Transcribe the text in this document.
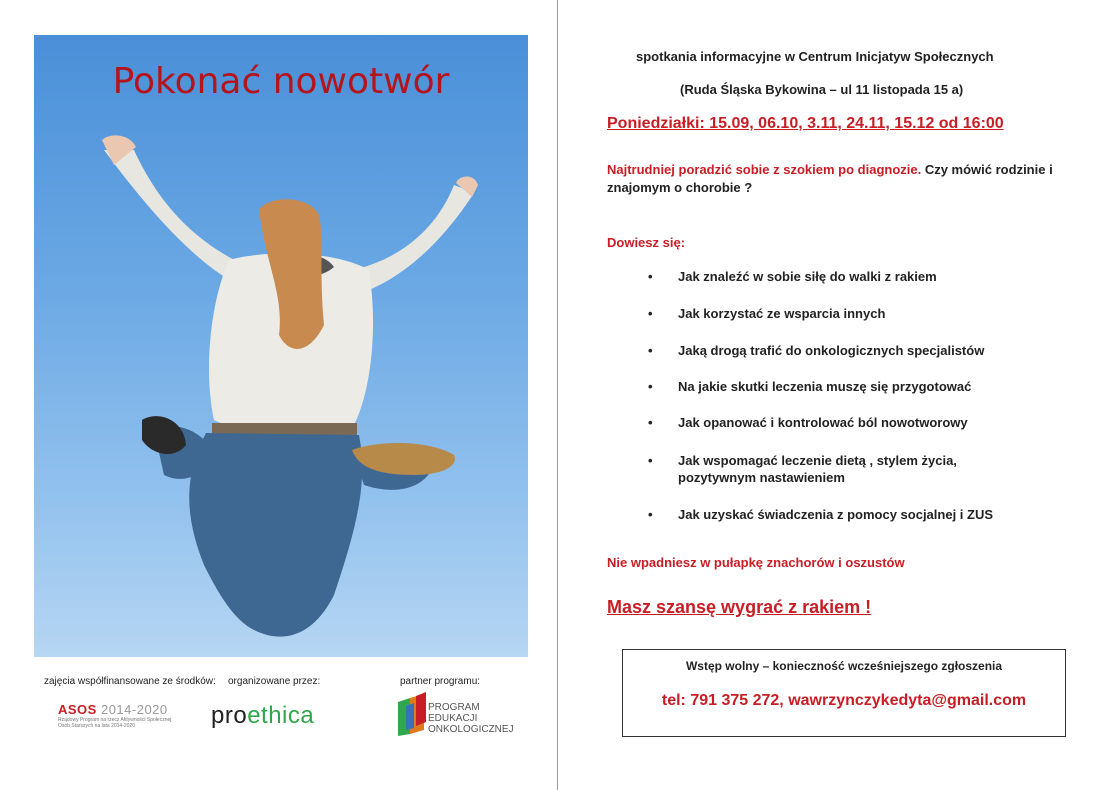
Pokonać nowotwór
zajęcia współfinansowane ze środków: organizowane przez:	partner programu:
ASOS 2014-2020
Rządowy Program na rzecz Aktywności Społecznej Osób Starszych na lata 2014-2020	proethica	PROGRAM
EDUKACJI
ONKOLOGICZNEJ
spotkania informacyjne w Centrum Inicjatyw Społecznych
(Ruda Śląska Bykowina – ul 11 listopada 15 a)
Poniedziałki: 15.09, 06.10, 3.11, 24.11, 15.12 od 16:00
Najtrudniej poradzić sobie z szokiem po diagnozie. Czy mówić rodzinie i znajomym o chorobie ?
Dowiesz się:
• Jak znaleźć w sobie siłę do walki z rakiem
• Jak korzystać ze wsparcia innych
• Jaką drogą trafić do onkologicznych specjalistów
• Na jakie skutki leczenia muszę się przygotować
• Jak opanować i kontrolować ból nowotworowy
• Jak wspomagać leczenie dietą , stylem życia, pozytywnym nastawieniem
• Jak uzyskać świadczenia z pomocy socjalnej i ZUS
Nie wpadniesz w pułapkę znachorów i oszustów
Masz szansę wygrać z rakiem !
Wstęp wolny – konieczność wcześniejszego zgłoszenia
tel: 791 375 272, wawrzynczykedyta@gmail.com
